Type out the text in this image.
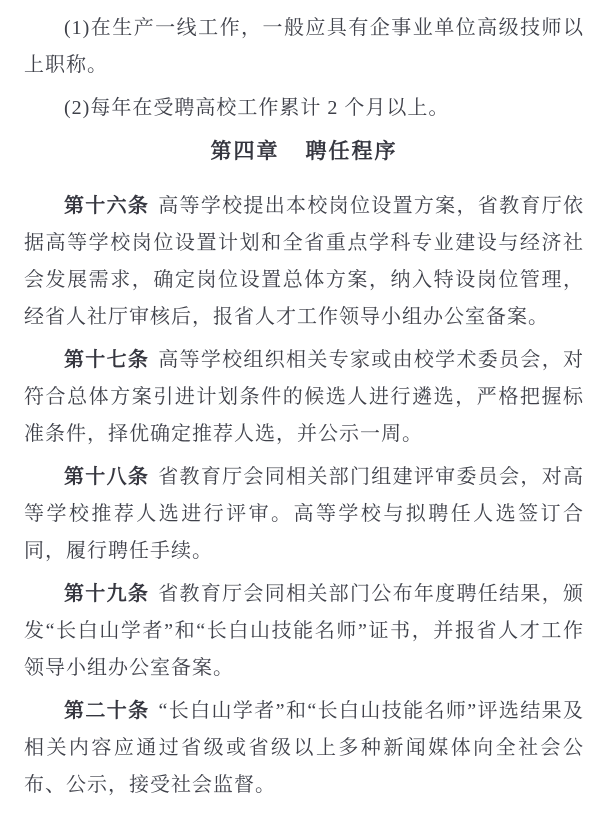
(1)在生产一线工作，一般应具有企事业单位高级技师以上职称。

(2)每年在受聘高校工作累计 2 个月以上。

第四章 聘任程序

第十六条 高等学校提出本校岗位设置方案，省教育厅依据高等学校岗位设置计划和全省重点学科专业建设与经济社会发展需求，确定岗位设置总体方案，纳入特设岗位管理，经省人社厅审核后，报省人才工作领导小组办公室备案。

第十七条 高等学校组织相关专家或由校学术委员会，对符合总体方案引进计划条件的候选人进行遴选，严格把握标准条件，择优确定推荐人选，并公示一周。

第十八条 省教育厅会同相关部门组建评审委员会，对高等学校推荐人选进行评审。高等学校与拟聘任人选签订合同，履行聘任手续。

第十九条 省教育厅会同相关部门公布年度聘任结果，颁发“长白山学者”和“长白山技能名师”证书，并报省人才工作领导小组办公室备案。

第二十条 “长白山学者”和“长白山技能名师”评选结果及相关内容应通过省级或省级以上多种新闻媒体向全社会公布、公示，接受社会监督。
